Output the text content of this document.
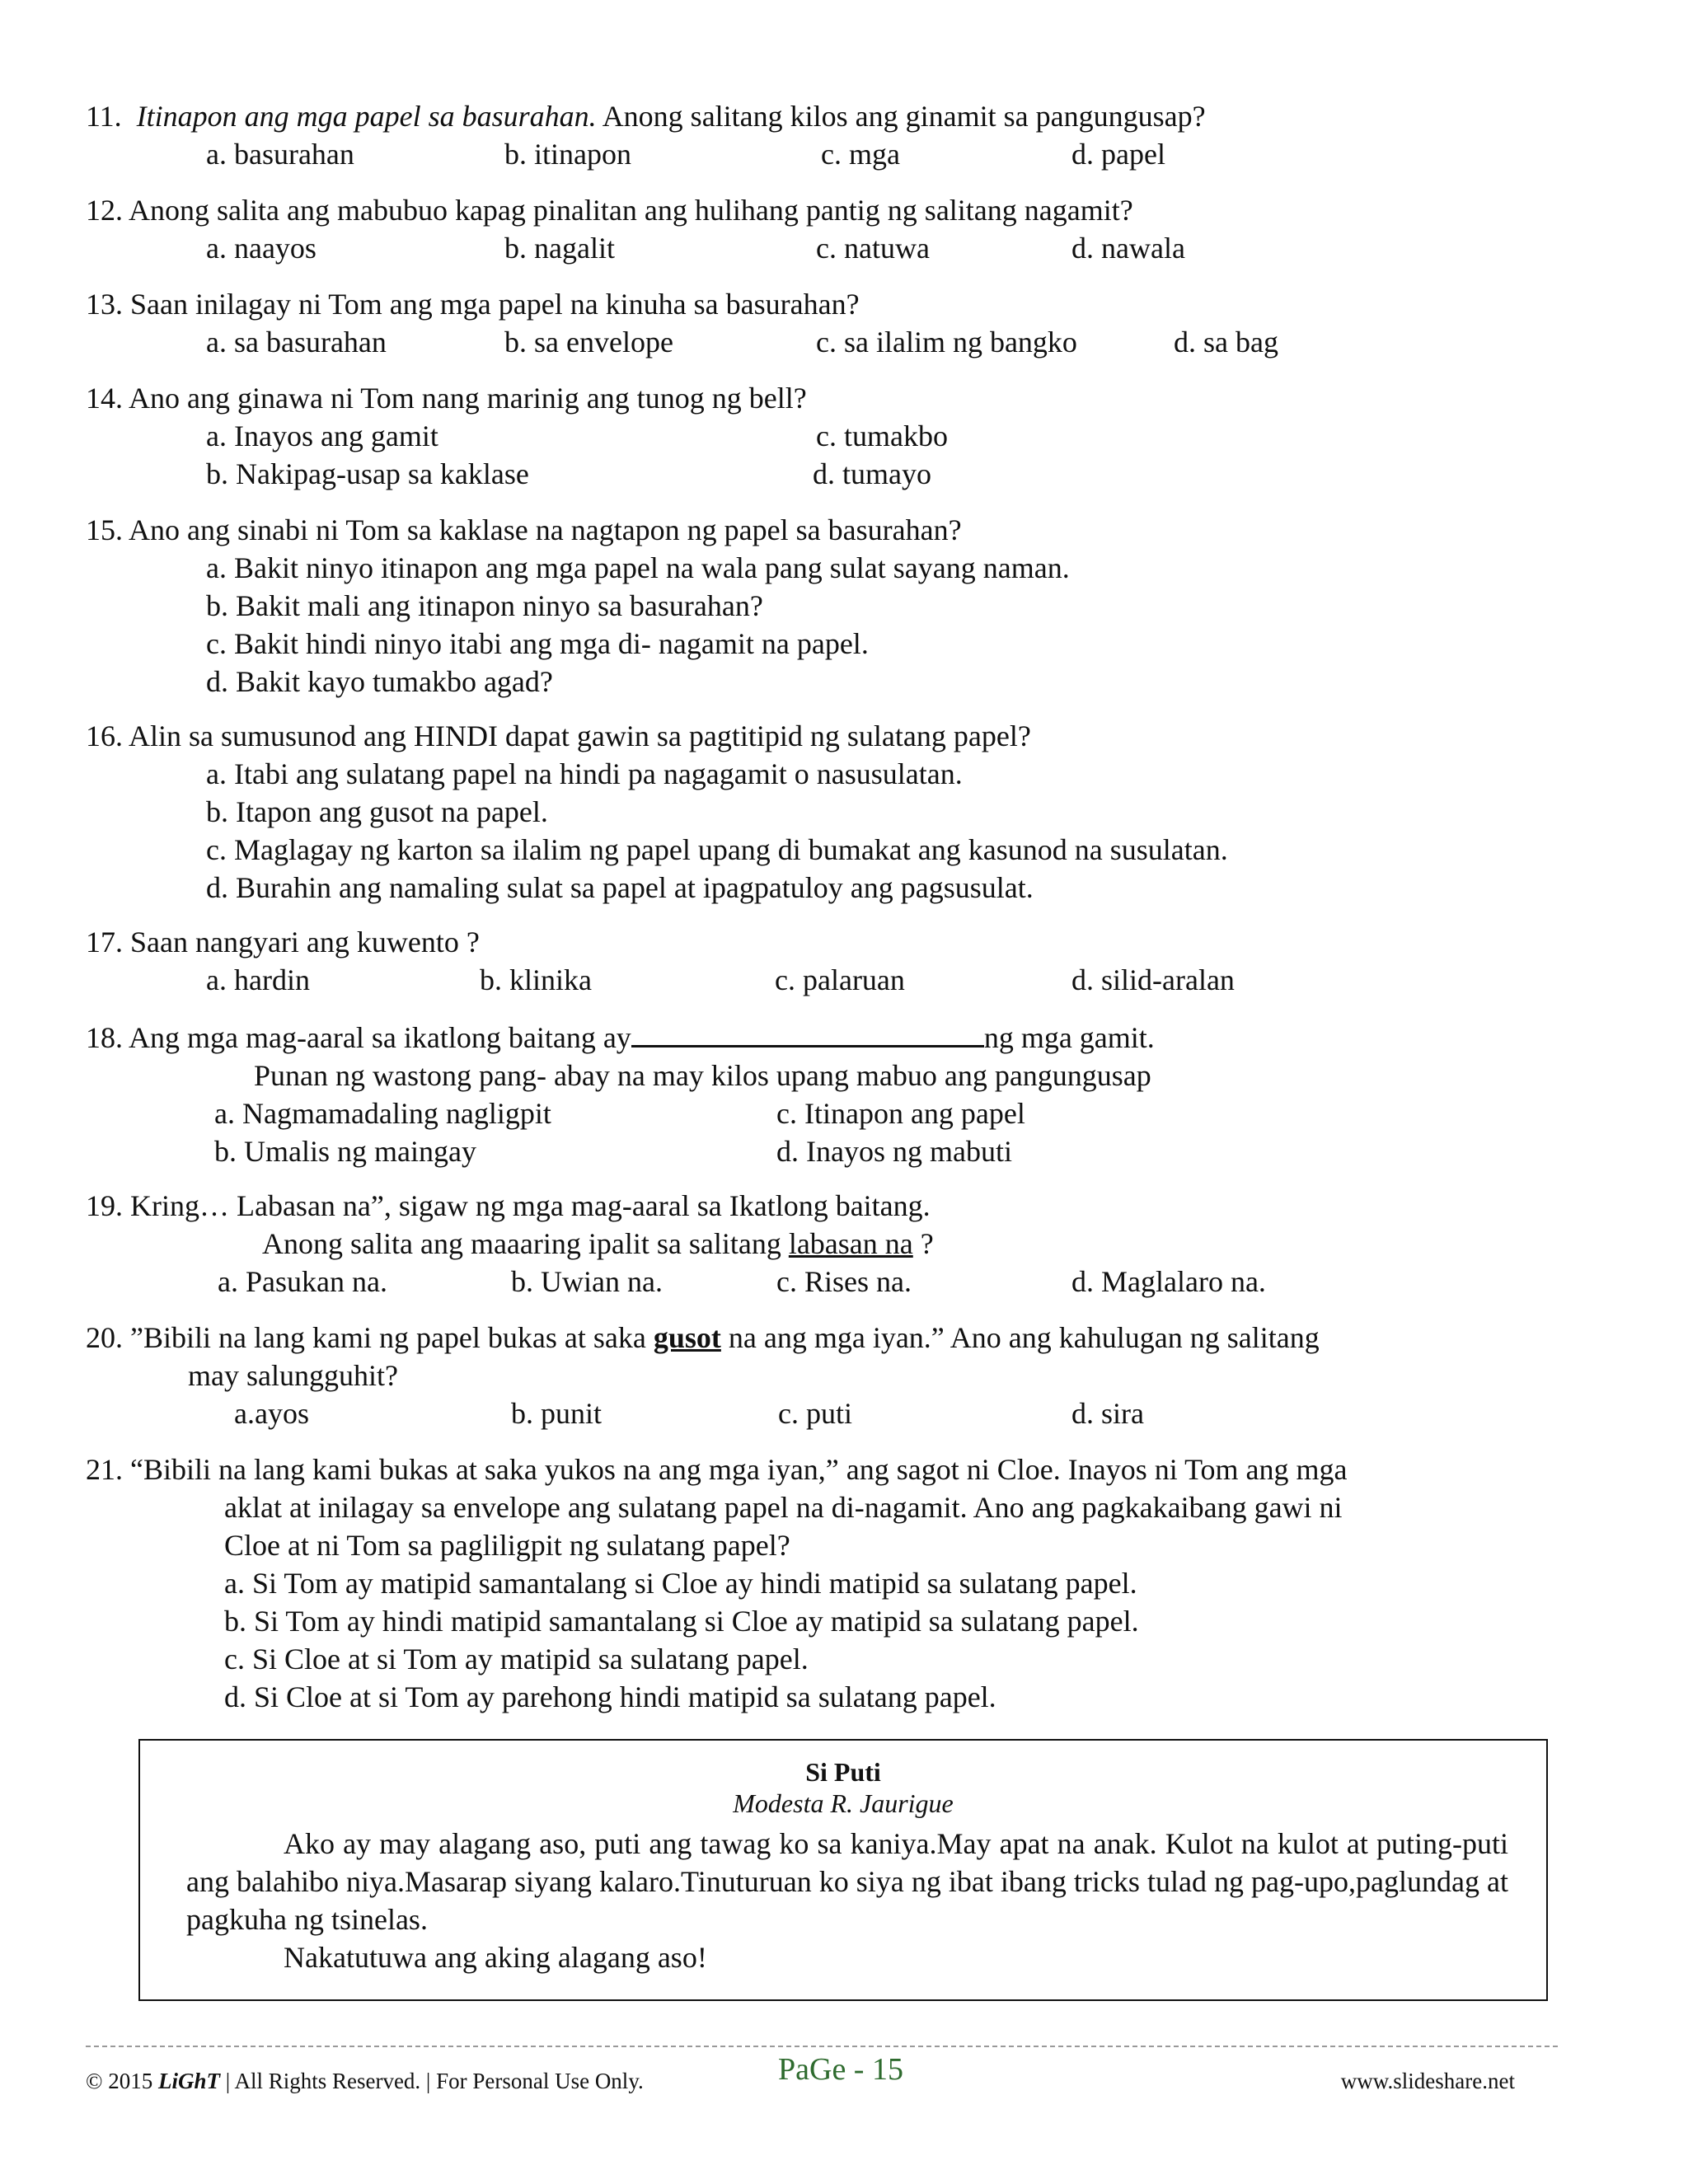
11. Itinapon ang mga papel sa basurahan. Anong salitang kilos ang ginamit sa pangungusap?
a. basurahan	b. itinapon	c. mga	d. papel
12. Anong salita ang mabubuo kapag pinalitan ang hulihang pantig ng salitang nagamit?
a. naayos	b. nagalit	c. natuwa	d. nawala
13. Saan inilagay ni Tom ang mga papel na kinuha sa basurahan?
a. sa basurahan	b. sa envelope	c. sa ilalim ng bangko	d. sa bag
14. Ano ang ginawa ni Tom nang marinig ang tunog ng bell?
a. Inayos ang gamit	c. tumakbo
b. Nakipag-usap sa kaklase	d. tumayo
15. Ano ang sinabi ni Tom sa kaklase na nagtapon ng papel sa basurahan?
a. Bakit ninyo itinapon ang mga papel na wala pang sulat sayang naman.
b. Bakit mali ang itinapon ninyo sa basurahan?
c. Bakit hindi ninyo itabi ang mga di- nagamit na papel.
d. Bakit kayo tumakbo agad?
16. Alin sa sumusunod ang HINDI dapat gawin sa pagtitipid ng sulatang papel?
a. Itabi ang sulatang papel na hindi pa nagagamit o nasusulatan.
b. Itapon ang gusot na papel.
c. Maglagay ng karton sa ilalim ng papel upang di bumakat ang kasunod na susulatan.
d. Burahin ang namaling sulat sa papel at ipagpatuloy ang pagsusulat.
17. Saan nangyari ang kuwento ?
a. hardin	b. klinika	c. palaruan	d. silid-aralan
18. Ang mga mag-aaral sa ikatlong baitang ay	ng mga gamit.
Punan ng wastong pang- abay na may kilos upang mabuo ang pangungusap
a. Nagmamadaling nagligpit	c. Itinapon ang papel
b. Umalis ng maingay	d. Inayos ng mabuti
19. Kring… Labasan na”, sigaw ng mga mag-aaral sa Ikatlong baitang.
Anong salita ang maaaring ipalit sa salitang labasan na ?
a. Pasukan na.	b. Uwian na.	c. Rises na.	d. Maglalaro na.
20. ”Bibili na lang kami ng papel bukas at saka gusot na ang mga iyan.” Ano ang kahulugan ng salitang
may salungguhit?
a.ayos	b. punit	c. puti	d. sira
21. “Bibili na lang kami bukas at saka yukos na ang mga iyan,” ang sagot ni Cloe. Inayos ni Tom ang mga
aklat at inilagay sa envelope ang sulatang papel na di-nagamit. Ano ang pagkakaibang gawi ni
Cloe at ni Tom sa pagliligpit ng sulatang papel?
a. Si Tom ay matipid samantalang si Cloe ay hindi matipid sa sulatang papel.
b. Si Tom ay hindi matipid samantalang si Cloe ay matipid sa sulatang papel.
c. Si Cloe at si Tom ay matipid sa sulatang papel.
d. Si Cloe at si Tom ay parehong hindi matipid sa sulatang papel.
Si Puti
Modesta R. Jaurigue

Ako ay may alagang aso, puti ang tawag ko sa kaniya.May apat na anak. Kulot na kulot at puting-puti ang balahibo niya.Masarap siyang kalaro.Tinuturuan ko siya ng ibat ibang tricks tulad ng pag-upo,paglundag at pagkuha ng tsinelas.

Nakatutuwa ang aking alagang aso!

© 2015 LiGhT | All Rights Reserved. | For Personal Use Only.	PaGe - 15	www.slideshare.net
